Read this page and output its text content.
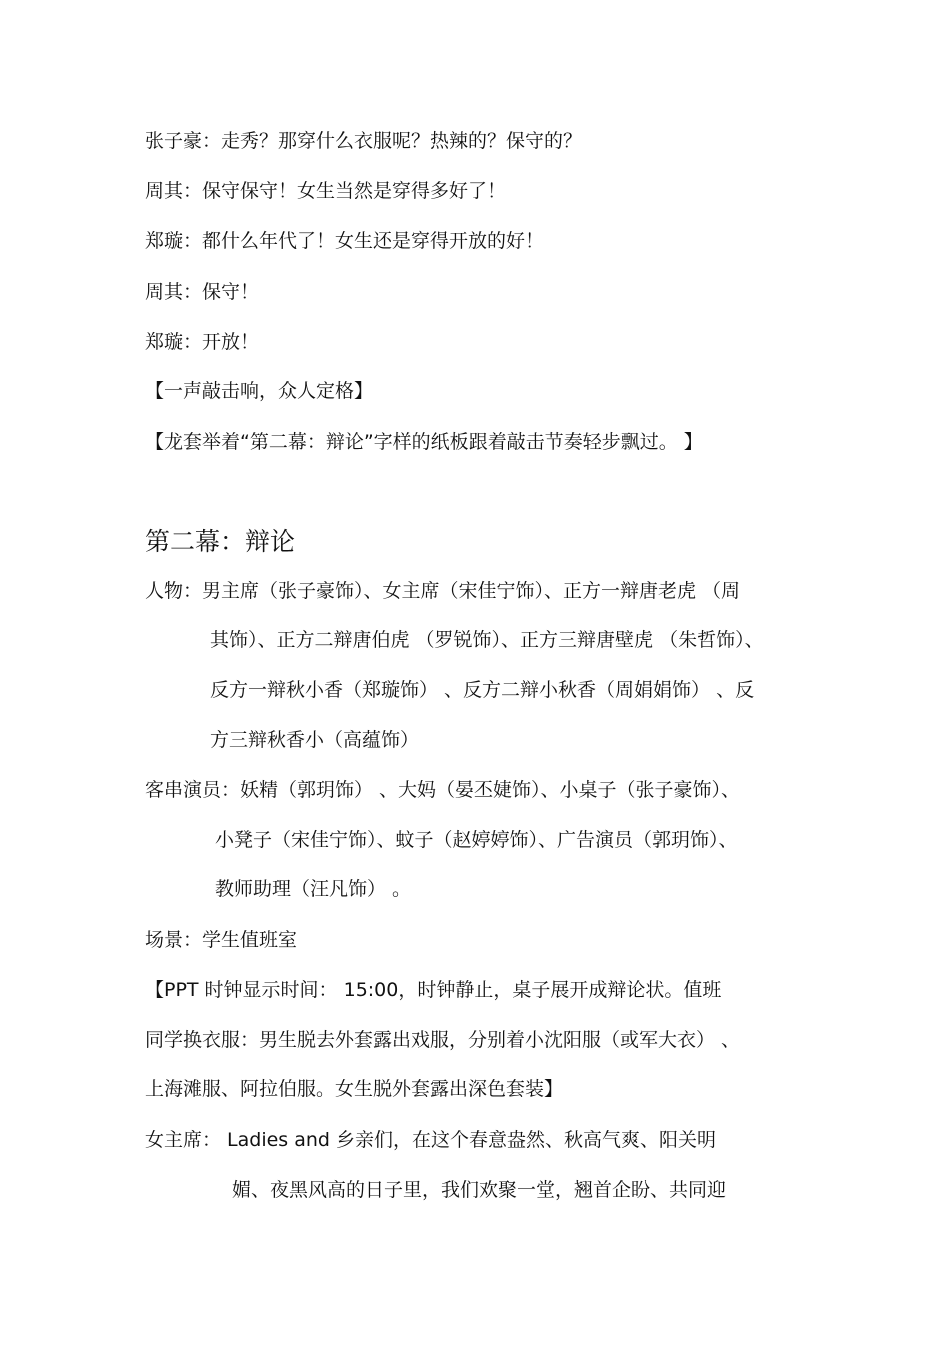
张子豪：走秀？那穿什么衣服呢？热辣的？保守的？
周其：保守保守！女生当然是穿得多好了！
郑璇：都什么年代了！女生还是穿得开放的好！
周其：保守！
郑璇：开放！
【一声敲击响，众人定格】
【龙套举着“第二幕：辩论”字样的纸板跟着敲击节奏轻步飘过。 】
第二幕：辩论
人物：男主席（张子豪饰）、女主席（宋佳宁饰）、正方一辩唐老虎 （周
其饰）、正方二辩唐伯虎 （罗锐饰）、正方三辩唐壁虎 （朱哲饰）、
反方一辩秋小香（郑璇饰） 、反方二辩小秋香（周娟娟饰） 、反
方三辩秋香小（高蕴饰）
客串演员：妖精（郭玥饰） 、大妈（晏丕婕饰）、小桌子（张子豪饰）、
小凳子（宋佳宁饰）、蚊子（赵婷婷饰）、广告演员（郭玥饰）、
教师助理（汪凡饰） 。
场景：学生值班室
【PPT 时钟显示时间： 15:00，时钟静止，桌子展开成辩论状。值班
同学换衣服：男生脱去外套露出戏服，分别着小沈阳服（或军大衣） 、
上海滩服、阿拉伯服。女生脱外套露出深色套装】
女主席： Ladies and 乡亲们，在这个春意盎然、秋高气爽、阳关明
媚、夜黑风高的日子里，我们欢聚一堂，翘首企盼、共同迎
